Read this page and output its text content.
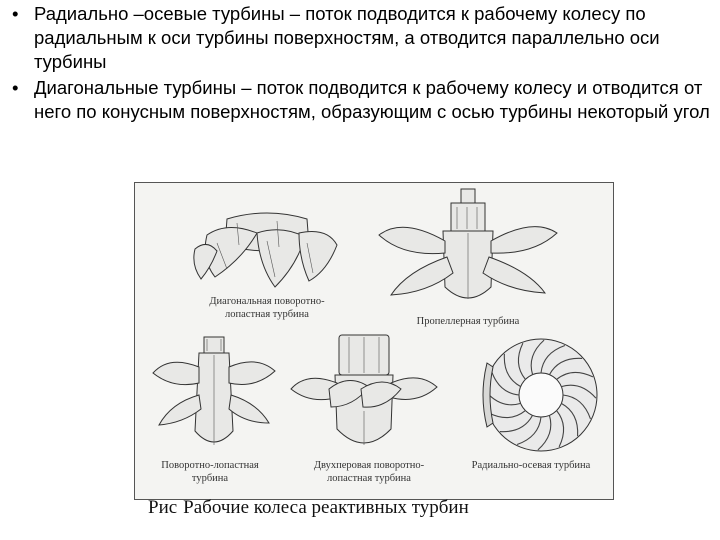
• Радиально –осевые турбины – поток подводится к рабочему колесу по радиальным к оси турбины поверхностям, а отводится параллельно оси турбины
• Диагональные турбины – поток подводится к рабочему колесу и отводится от него по конусным поверхностям, образующим с осью турбины некоторый угол
Диагональная поворотно-лопастная турбина
Пропеллерная турбина
Поворотно-лопастная турбина
Двухперовая поворотно-лопастная турбина
Радиально-осевая турбина
Рис Рабочие колеса реактивных турбин
